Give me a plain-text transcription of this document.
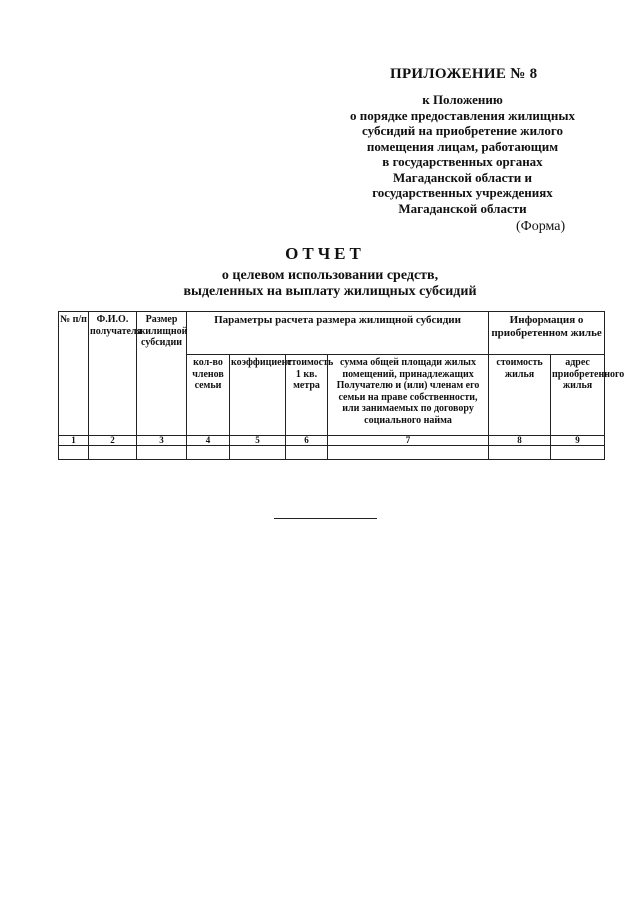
ПРИЛОЖЕНИЕ № 8
к Положению
о порядке предоставления жилищных
субсидий на приобретение жилого
помещения лицам, работающим
в государственных органах
Магаданской области и
государственных учреждениях
Магаданской области
(Форма)
ОТЧЕТ
о целевом использовании средств,
выделенных на выплату жилищных субсидий
№ п/п	Ф.И.О. получателя	Размер жилищной субсидии	Параметры расчета размера жилищной субсидии				Информация о приобретенном жилье	
			кол-во членов семьи	коэффициент	стоимость 1 кв. метра	сумма общей площади жилых помещений, принадлежащих Получателю и (или) членам его семьи на праве собственности, или занимаемых по договору социального найма	стоимость жилья	адрес приобретенного жилья
1	2	3	4	5	6	7	8	9
